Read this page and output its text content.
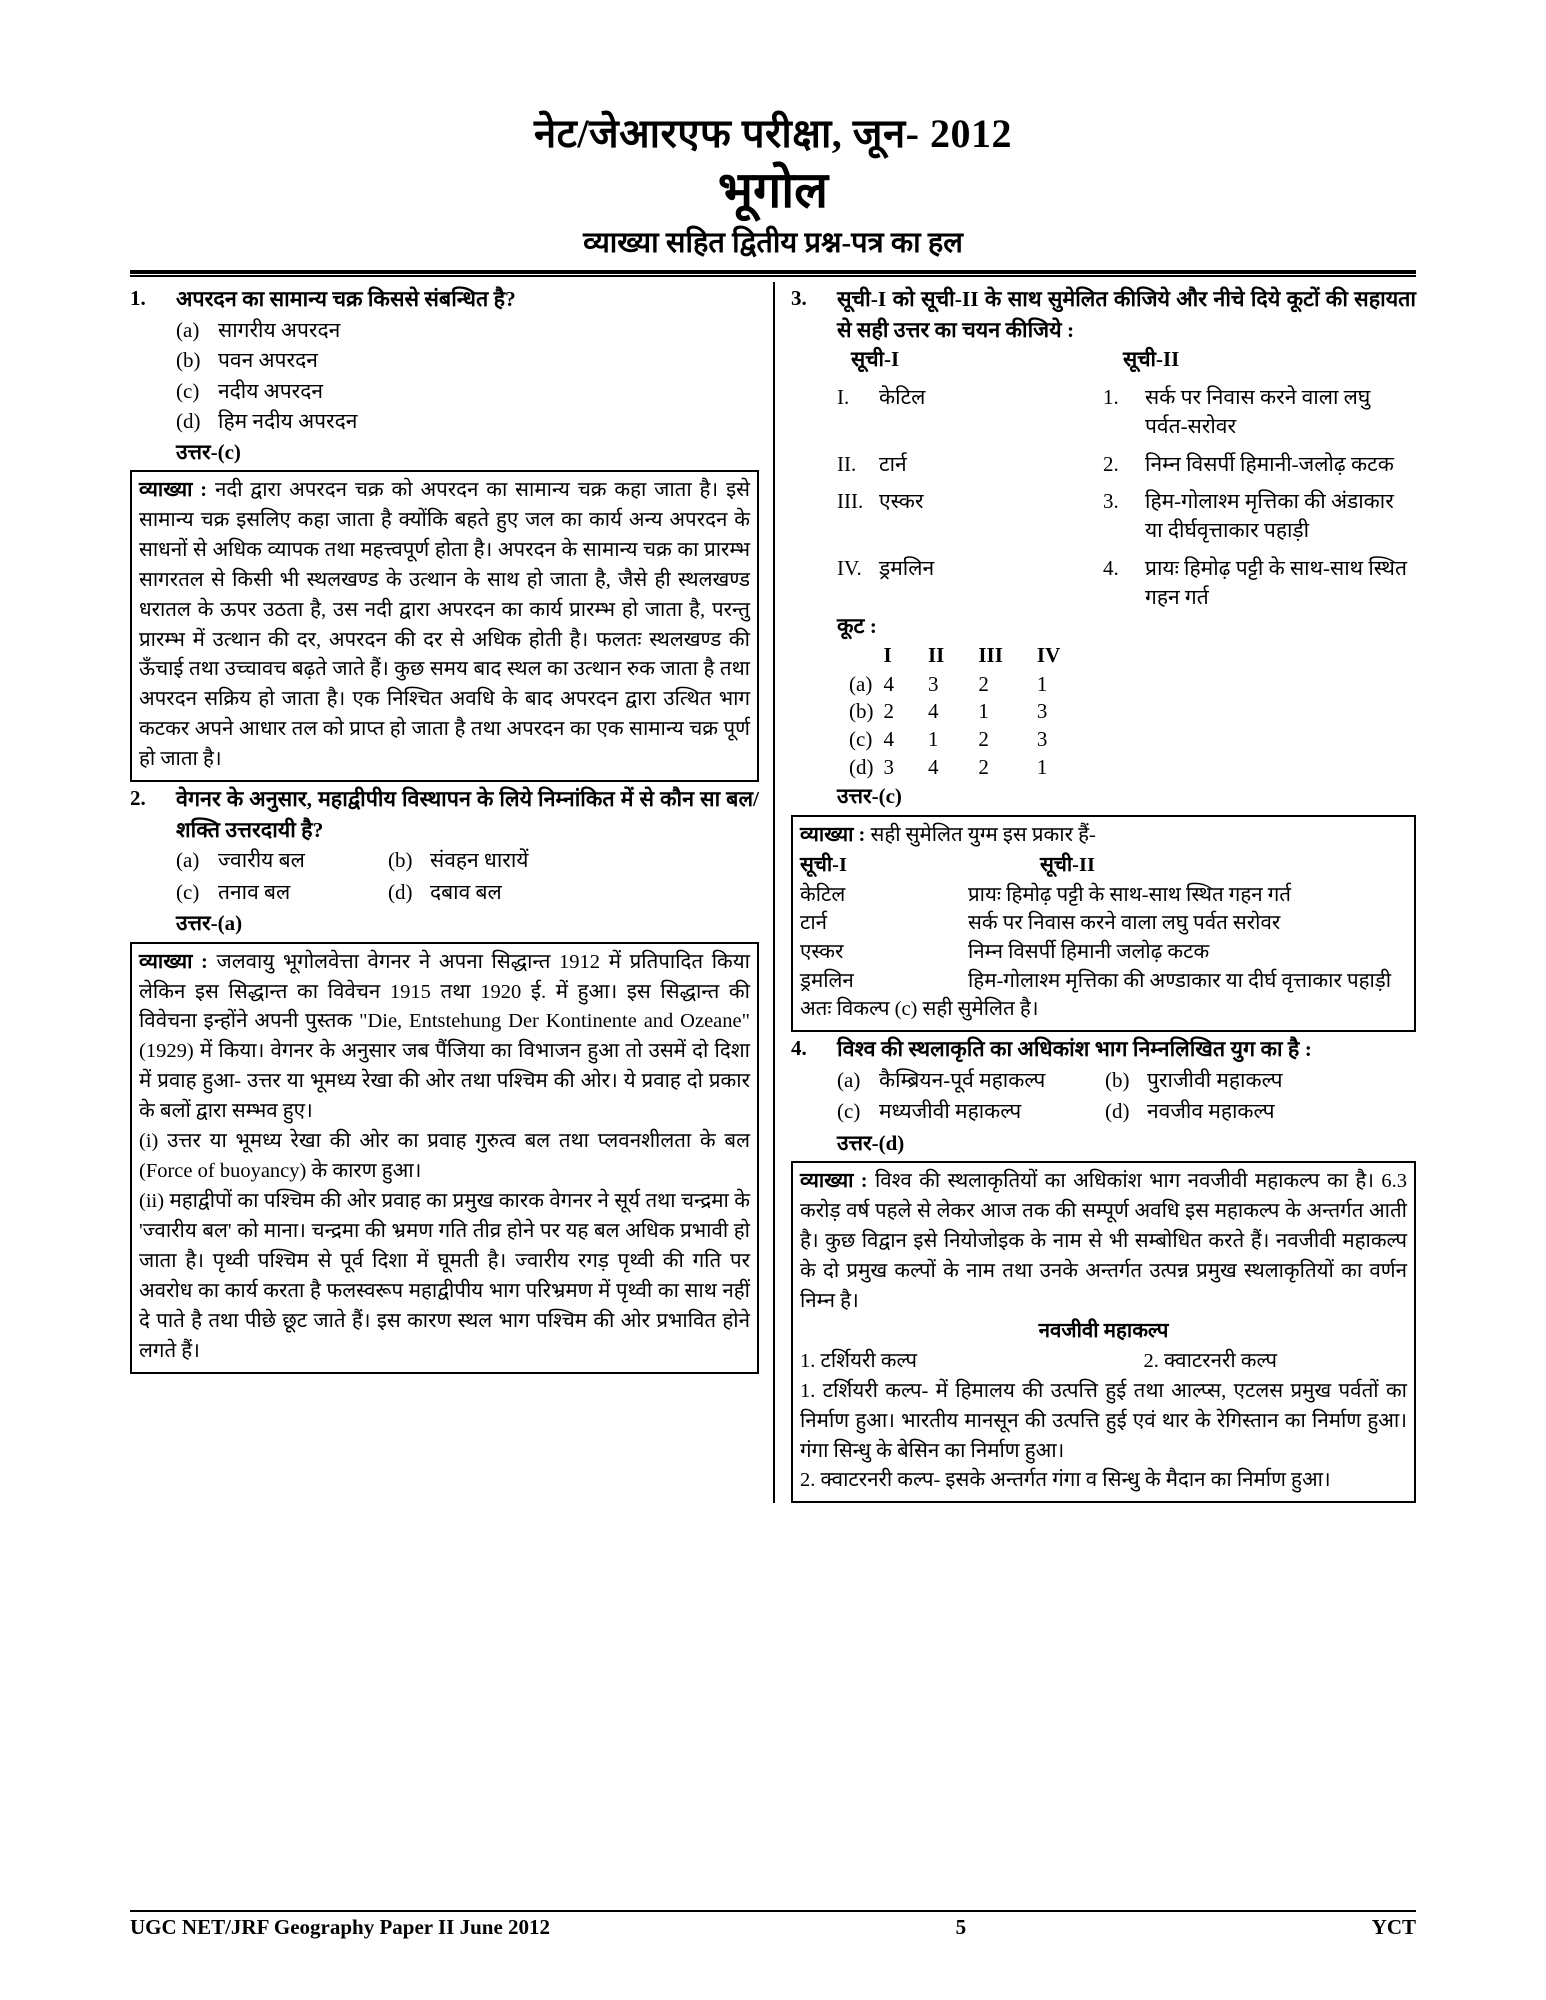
नेट/जेआरएफ परीक्षा, जून- 2012
भूगोल
व्याख्या सहित द्वितीय प्रश्न-पत्र का हल
1.	अपरदन का सामान्य चक्र किससे संबन्धित है?
(a) सागरीय अपरदन
(b) पवन अपरदन
(c) नदीय अपरदन
(d) हिम नदीय अपरदन
उत्तर-(c)

व्याख्या : नदी द्वारा अपरदन चक्र को अपरदन का सामान्य चक्र कहा जाता है। इसे सामान्य चक्र इसलिए कहा जाता है क्योंकि बहते हुए जल का कार्य अन्य अपरदन के साधनों से अधिक व्यापक तथा महत्त्वपूर्ण होता है। अपरदन के सामान्य चक्र का प्रारम्भ सागरतल से किसी भी स्थलखण्ड के उत्थान के साथ हो जाता है, जैसे ही स्थलखण्ड धरातल के ऊपर उठता है, उस नदी द्वारा अपरदन का कार्य प्रारम्भ हो जाता है, परन्तु प्रारम्भ में उत्थान की दर, अपरदन की दर से अधिक होती है। फलतः स्थलखण्ड की ऊँचाई तथा उच्चावच बढ़ते जाते हैं। कुछ समय बाद स्थल का उत्थान रुक जाता है तथा अपरदन सक्रिय हो जाता है। एक निश्चित अवधि के बाद अपरदन द्वारा उत्थित भाग कटकर अपने आधार तल को प्राप्त हो जाता है तथा अपरदन का एक सामान्य चक्र पूर्ण हो जाता है।

2.	वेगनर के अनुसार, महाद्वीपीय विस्थापन के लिये निम्नांकित में से कौन सा बल/शक्ति उत्तरदायी है?
(a) ज्वारीय बल	(b) संवहन धारायें
(c) तनाव बल	(d) दबाव बल
उत्तर-(a)

व्याख्या : जलवायु भूगोलवेत्ता वेगनर ने अपना सिद्धान्त 1912 में प्रतिपादित किया लेकिन इस सिद्धान्त का विवेचन 1915 तथा 1920 ई. में हुआ। इस सिद्धान्त की विवेचना इन्होंने अपनी पुस्तक "Die, Entstehung Der Kontinente and Ozeane" (1929) में किया। वेगनर के अनुसार जब पैंजिया का विभाजन हुआ तो उसमें दो दिशा में प्रवाह हुआ- उत्तर या भूमध्य रेखा की ओर तथा पश्चिम की ओर। ये प्रवाह दो प्रकार के बलों द्वारा सम्भव हुए।

(i) उत्तर या भूमध्य रेखा की ओर का प्रवाह गुरुत्व बल तथा प्लवनशीलता के बल (Force of buoyancy) के कारण हुआ।

(ii) महाद्वीपों का पश्चिम की ओर प्रवाह का प्रमुख कारक वेगनर ने सूर्य तथा चन्द्रमा के 'ज्वारीय बल' को माना। चन्द्रमा की भ्रमण गति तीव्र होने पर यह बल अधिक प्रभावी हो जाता है। पृथ्वी पश्चिम से पूर्व दिशा में घूमती है। ज्वारीय रगड़ पृथ्वी की गति पर अवरोध का कार्य करता है फलस्वरूप महाद्वीपीय भाग परिभ्रमण में पृथ्वी का साथ नहीं दे पाते है तथा पीछे छूट जाते हैं। इस कारण स्थल भाग पश्चिम की ओर प्रभावित होने लगते हैं।

3.	सूची-I को सूची-II के साथ सुमेलित कीजिये और नीचे दिये कूटों की सहायता से सही उत्तर का चयन कीजिये :
सूची-I	सूची-II
I.	केटिल	1.	सर्क पर निवास करने वाला लघु पर्वत-सरोवर
II.	टार्न	2.	निम्न विसर्पी हिमानी-जलोढ़ कटक
III. एस्कर	3.	हिम-गोलाश्म मृत्तिका की अंडाकार या दीर्घवृत्ताकार पहाड़ी
IV. ड्रमलिन	4.	प्रायः हिमोढ़ पट्टी के साथ-साथ स्थित गहन गर्त
कूट :
	I	II	III	IV
(a)	4	3	2	1
(b)	2	4	1	3
(c)	4	1	2	3
(d)	3	4	2	1
उत्तर-(c)

व्याख्या : सही सुमेलित युग्म इस प्रकार हैं-

सूची-I	सूची-II
केटिल	प्रायः हिमोढ़ पट्टी के साथ-साथ स्थित गहन गर्त
टार्न	सर्क पर निवास करने वाला लघु पर्वत सरोवर
एस्कर	निम्न विसर्पी हिमानी जलोढ़ कटक
ड्रमलिन	हिम-गोलाश्म मृत्तिका की अण्डाकार या दीर्घ वृत्ताकार पहाड़ी

अतः विकल्प (c) सही सुमेलित है।

4.	विश्व की स्थलाकृति का अधिकांश भाग निम्नलिखित युग का है :
(a) कैम्ब्रियन-पूर्व महाकल्प	(b) पुराजीवी महाकल्प
(c) मध्यजीवी महाकल्प	(d) नवजीव महाकल्प
उत्तर-(d)

व्याख्या : विश्व की स्थलाकृतियों का अधिकांश भाग नवजीवी महाकल्प का है। 6.3 करोड़ वर्ष पहले से लेकर आज तक की सम्पूर्ण अवधि इस महाकल्प के अन्तर्गत आती है। कुछ विद्वान इसे नियोजोइक के नाम से भी सम्बोधित करते हैं। नवजीवी महाकल्प के दो प्रमुख कल्पों के नाम तथा उनके अन्तर्गत उत्पन्न प्रमुख स्थलाकृतियों का वर्णन निम्न है।

नवजीवी महाकल्प

1. टर्शियरी कल्प	2. क्वाटरनरी कल्प

1. टर्शियरी कल्प- में हिमालय की उत्पत्ति हुई तथा आल्प्स, एटलस प्रमुख पर्वतों का निर्माण हुआ। भारतीय मानसून की उत्पत्ति हुई एवं थार के रेगिस्तान का निर्माण हुआ। गंगा सिन्धु के बेसिन का निर्माण हुआ।

2. क्वाटरनरी कल्प- इसके अन्तर्गत गंगा व सिन्धु के मैदान का निर्माण हुआ।

UGC NET/JRF Geography Paper II June 2012	5	YCT
